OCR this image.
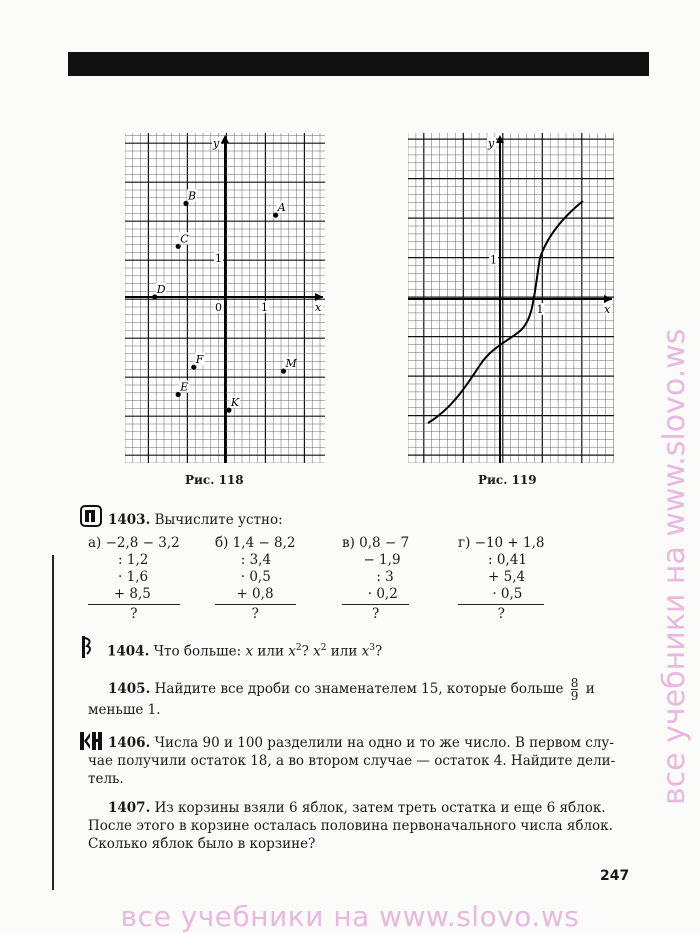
x
y
0	1
1
A
B
C
D
F	M
E
K
Рис. 118
x
y
1
1
Рис. 119
1403. Вычислите устно:
а) −2,8 − 3,2
: 1,2
· 1,6
+ 8,5
?
б) 1,4 − 8,2
: 3,4
· 0,5
+ 0,8
?
в) 0,8 − 7
− 1,9
: 3
· 0,2
?
г) −10 + 1,8
: 0,41
+ 5,4
· 0,5
?
1404. Что больше: x или $x^2$? $x^2$ или $x^3$?
1405. Найдите все дроби со знаменателем 15, которые больше $\frac{8}{9}$ и
меньше 1.
1406. Числа 90 и 100 разделили на одно и то же число. В первом слу-
чае получили остаток 18, а во втором случае — остаток 4. Найдите дели-
тель.
1407. Из корзины взяли 6 яблок, затем треть остатка и еще 6 яблок.
После этого в корзине осталась половина первоначального числа яблок.
Сколько яблок было в корзине?
247
все учебники на www.slovo.ws
все учебники на www.slovo.ws
